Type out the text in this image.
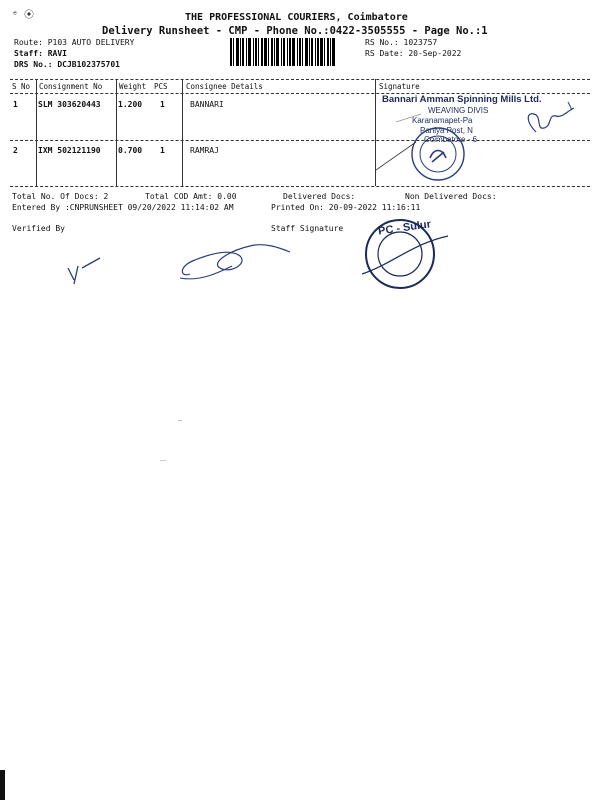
THE PROFESSIONAL COURIERS, Coimbatore
Delivery Runsheet - CMP - Phone No.:0422-3505555 - Page No.:1
ᵉ ⦿
Route: P103 AUTO DELIVERY
Staff: RAVI
DRS No.: DCJB102375701
RS No.: 1023757
RS Date: 20-Sep-2022
S No Consignment No Weight PCS Consignee Details	Signature
1	SLM 303620443 1.200 1	BANNARI
2	IXM 502121190 0.700 1	RAMRAJ
Bannari Amman Spinning Mills Ltd.
WEAVING DIVIS
Karanamapet-Pa
Paniya Post, N
Coimbatore - 6
Total No. Of Docs: 2	Total COD Amt: 0.00	Delivered Docs:	Non Delivered Docs:
Entered By :CNPRUNSHEET 09/20/2022 11:14:02 AM	Printed On: 20-09-2022 11:16:11
Verified By	Staff Signature	PC - Sulur
